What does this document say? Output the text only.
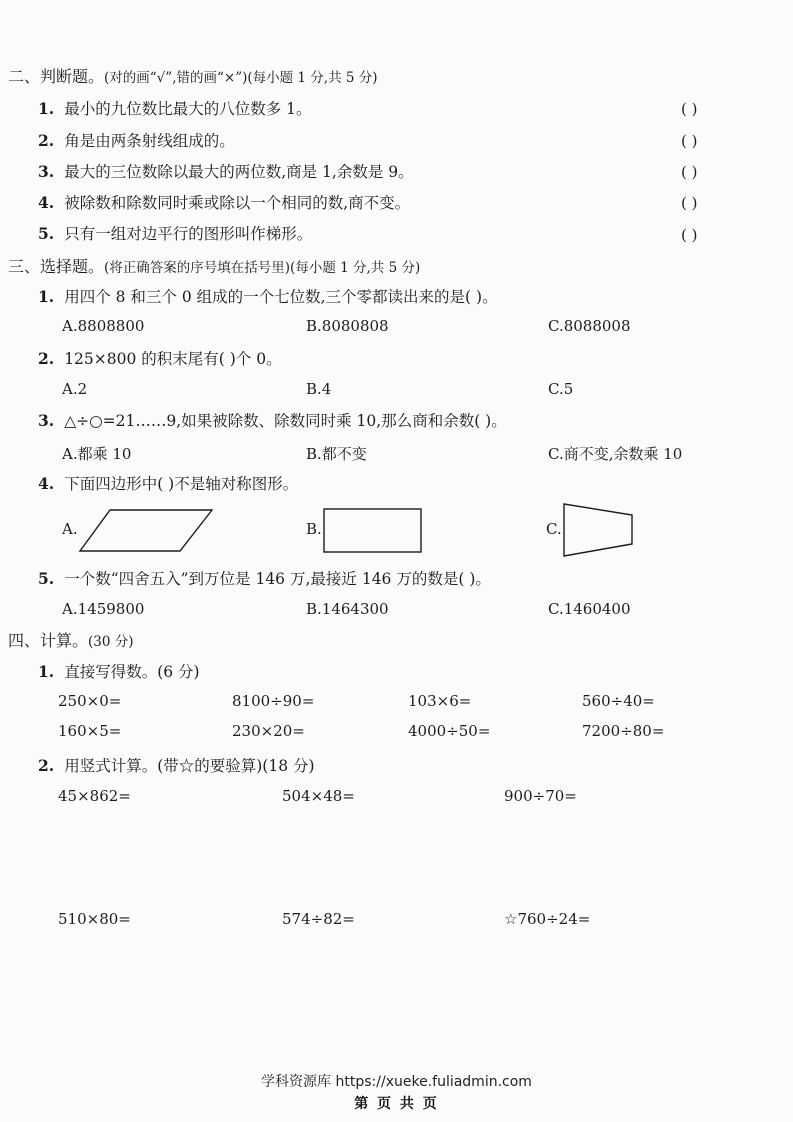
二、判断题。(对的画“√”,错的画“×”)(每小题 1 分,共 5 分)
1. 最小的九位数比最大的八位数多 1。	( )
2. 角是由两条射线组成的。	( )
3. 最大的三位数除以最大的两位数,商是 1,余数是 9。	( )
4. 被除数和除数同时乘或除以一个相同的数,商不变。	( )
5. 只有一组对边平行的图形叫作梯形。	( )
三、选择题。(将正确答案的序号填在括号里)(每小题 1 分,共 5 分)
1. 用四个 8 和三个 0 组成的一个七位数,三个零都读出来的是( )。
A.8808800	B.8080808	C.8088008
2. 125×800 的积末尾有( )个 0。
A.2	B.4	C.5
3. △÷○=21……9,如果被除数、除数同时乘 10,那么商和余数( )。
A.都乘 10	B.都不变	C.商不变,余数乘 10
4. 下面四边形中( )不是轴对称图形。
A.	B.	C.
5. 一个数“四舍五入”到万位是 146 万,最接近 146 万的数是( )。
A.1459800	B.1464300	C.1460400
四、计算。(30 分)
1. 直接写得数。(6 分)
250×0=	8100÷90=	103×6=	560÷40=
160×5=	230×20=	4000÷50=	7200÷80=
2. 用竖式计算。(带☆的要验算)(18 分)
45×862=	504×48=	900÷70=
510×80=	574÷82=	☆760÷24=
学科资源库 https://xueke.fuliadmin.com
第 页 共 页
